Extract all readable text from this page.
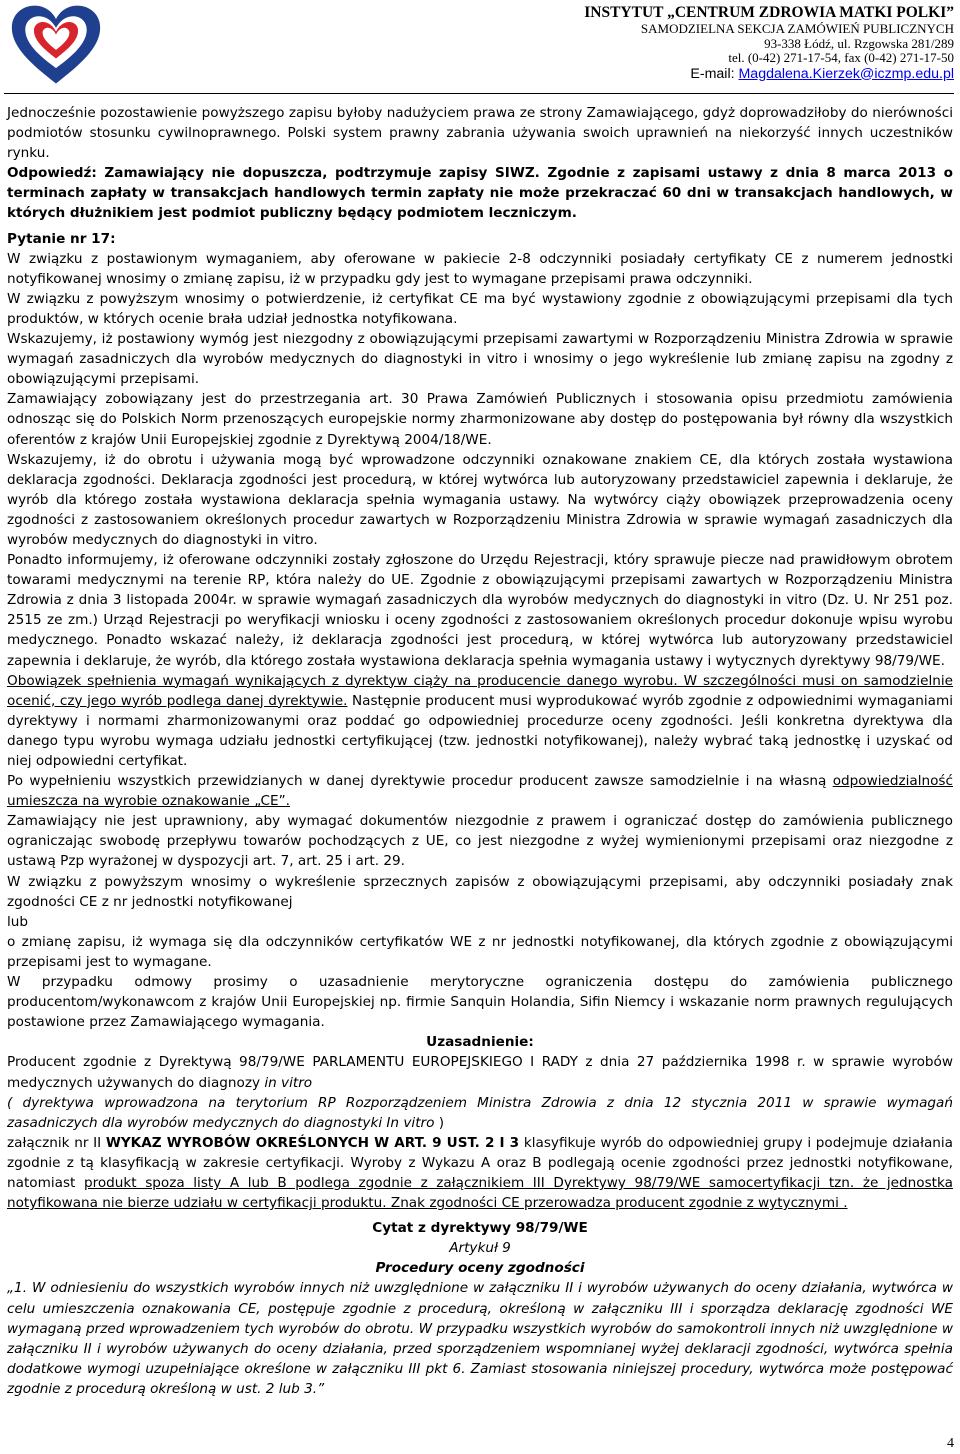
INSTYTUT „CENTRUM ZDROWIA MATKI POLKI”
SAMODZIELNA SEKCJA ZAMÓWIEŃ PUBLICZNYCH
93-338 Łódź, ul. Rzgowska 281/289
tel. (0-42) 271-17-54, fax (0-42) 271-17-50
E-mail: Magdalena.Kierzek@iczmp.edu.pl

Jednocześnie pozostawienie powyższego zapisu byłoby nadużyciem prawa ze strony Zamawiającego, gdyż doprowadziłoby do nierówności podmiotów stosunku cywilnoprawnego. Polski system prawny zabrania używania swoich uprawnień na niekorzyść innych uczestników rynku.

Odpowiedź: Zamawiający nie dopuszcza, podtrzymuje zapisy SIWZ. Zgodnie z zapisami ustawy z dnia 8 marca 2013 o terminach zapłaty w transakcjach handlowych termin zapłaty nie może przekraczać 60 dni w transakcjach handlowych, w których dłużnikiem jest podmiot publiczny będący podmiotem leczniczym.

Pytanie nr 17:

W związku z postawionym wymaganiem, aby oferowane w pakiecie 2-8 odczynniki posiadały certyfikaty CE z numerem jednostki notyfikowanej wnosimy o zmianę zapisu, iż w przypadku gdy jest to wymagane przepisami prawa odczynniki.

W związku z powyższym wnosimy o potwierdzenie, iż certyfikat CE ma być wystawiony zgodnie z obowiązującymi przepisami dla tych produktów, w których ocenie brała udział jednostka notyfikowana.

Wskazujemy, iż postawiony wymóg jest niezgodny z obowiązującymi przepisami zawartymi w Rozporządzeniu Ministra Zdrowia w sprawie wymagań zasadniczych dla wyrobów medycznych do diagnostyki in vitro i wnosimy o jego wykreślenie lub zmianę zapisu na zgodny z obowiązującymi przepisami.

Zamawiający zobowiązany jest do przestrzegania art. 30 Prawa Zamówień Publicznych i stosowania opisu przedmiotu zamówienia odnosząc się do Polskich Norm przenoszących europejskie normy zharmonizowane aby dostęp do postępowania był równy dla wszystkich oferentów z krajów Unii Europejskiej zgodnie z Dyrektywą 2004/18/WE.

Wskazujemy, iż do obrotu i używania mogą być wprowadzone odczynniki oznakowane znakiem CE, dla których została wystawiona deklaracja zgodności. Deklaracja zgodności jest procedurą, w której wytwórca lub autoryzowany przedstawiciel zapewnia i deklaruje, że wyrób dla którego została wystawiona deklaracja spełnia wymagania ustawy. Na wytwórcy ciąży obowiązek przeprowadzenia oceny zgodności z zastosowaniem określonych procedur zawartych w Rozporządzeniu Ministra Zdrowia w sprawie wymagań zasadniczych dla wyrobów medycznych do diagnostyki in vitro.

Ponadto informujemy, iż oferowane odczynniki zostały zgłoszone do Urzędu Rejestracji, który sprawuje piecze nad prawidłowym obrotem towarami medycznymi na terenie RP, która należy do UE. Zgodnie z obowiązującymi przepisami zawartych w Rozporządzeniu Ministra Zdrowia z dnia 3 listopada 2004r. w sprawie wymagań zasadniczych dla wyrobów medycznych do diagnostyki in vitro (Dz. U. Nr 251 poz. 2515 ze zm.) Urząd Rejestracji po weryfikacji wniosku i oceny zgodności z zastosowaniem określonych procedur dokonuje wpisu wyrobu medycznego. Ponadto wskazać należy, iż deklaracja zgodności jest procedurą, w której wytwórca lub autoryzowany przedstawiciel zapewnia i deklaruje, że wyrób, dla którego została wystawiona deklaracja spełnia wymagania ustawy i wytycznych dyrektywy 98/79/WE.

Obowiązek spełnienia wymagań wynikających z dyrektyw ciąży na producencie danego wyrobu. W szczególności musi on samodzielnie ocenić, czy jego wyrób podlega danej dyrektywie. Następnie producent musi wyprodukować wyrób zgodnie z odpowiednimi wymaganiami dyrektywy i normami zharmonizowanymi oraz poddać go odpowiedniej procedurze oceny zgodności. Jeśli konkretna dyrektywa dla danego typu wyrobu wymaga udziału jednostki certyfikującej (tzw. jednostki notyfikowanej), należy wybrać taką jednostkę i uzyskać od niej odpowiedni certyfikat.

Po wypełnieniu wszystkich przewidzianych w danej dyrektywie procedur producent zawsze samodzielnie i na własną odpowiedzialność umieszcza na wyrobie oznakowanie „CE”.

Zamawiający nie jest uprawniony, aby wymagać dokumentów niezgodnie z prawem i ograniczać dostęp do zamówienia publicznego ograniczając swobodę przepływu towarów pochodzących z UE, co jest niezgodne z wyżej wymienionymi przepisami oraz niezgodne z ustawą Pzp wyrażonej w dyspozycji art. 7, art. 25 i art. 29.

W związku z powyższym wnosimy o wykreślenie sprzecznych zapisów z obowiązującymi przepisami, aby odczynniki posiadały znak zgodności CE z nr jednostki notyfikowanej

lub

o zmianę zapisu, iż wymaga się dla odczynników certyfikatów WE z nr jednostki notyfikowanej, dla których zgodnie z obowiązującymi przepisami jest to wymagane.

W przypadku odmowy prosimy o uzasadnienie merytoryczne ograniczenia dostępu do zamówienia publicznego producentom/wykonawcom z krajów Unii Europejskiej np. firmie Sanquin Holandia, Sifin Niemcy i wskazanie norm prawnych regulujących postawione przez Zamawiającego wymagania.

Uzasadnienie:

Producent zgodnie z Dyrektywą 98/79/WE PARLAMENTU EUROPEJSKIEGO I RADY z dnia 27 października 1998 r. w sprawie wyrobów medycznych używanych do diagnozy in vitro

( dyrektywa wprowadzona na terytorium RP Rozporządzeniem Ministra Zdrowia z dnia 12 stycznia 2011 w sprawie wymagań zasadniczych dla wyrobów medycznych do diagnostyki In vitro )

załącznik nr II WYKAZ WYROBÓW OKREŚLONYCH W ART. 9 UST. 2 I 3 klasyfikuje wyrób do odpowiedniej grupy i podejmuje działania zgodnie z tą klasyfikacją w zakresie certyfikacji. Wyroby z Wykazu A oraz B podlegają ocenie zgodności przez jednostki notyfikowane, natomiast produkt spoza listy A lub B podlega zgodnie z załącznikiem III Dyrektywy 98/79/WE samocertyfikacji tzn. że jednostka notyfikowana nie bierze udziału w certyfikacji produktu. Znak zgodności CE przerowadza producent zgodnie z wytycznymi .

Cytat z dyrektywy 98/79/WE

Artykuł 9

Procedury oceny zgodności

„1. W odniesieniu do wszystkich wyrobów innych niż uwzględnione w załączniku II i wyrobów używanych do oceny działania, wytwórca w celu umieszczenia oznakowania CE, postępuje zgodnie z procedurą, określoną w załączniku III i sporządza deklarację zgodności WE wymaganą przed wprowadzeniem tych wyrobów do obrotu. W przypadku wszystkich wyrobów do samokontroli innych niż uwzględnione w załączniku II i wyrobów używanych do oceny działania, przed sporządzeniem wspomnianej wyżej deklaracji zgodności, wytwórca spełnia dodatkowe wymogi uzupełniające określone w załączniku III pkt 6. Zamiast stosowania niniejszej procedury, wytwórca może postępować zgodnie z procedurą określoną w ust. 2 lub 3.”

4
